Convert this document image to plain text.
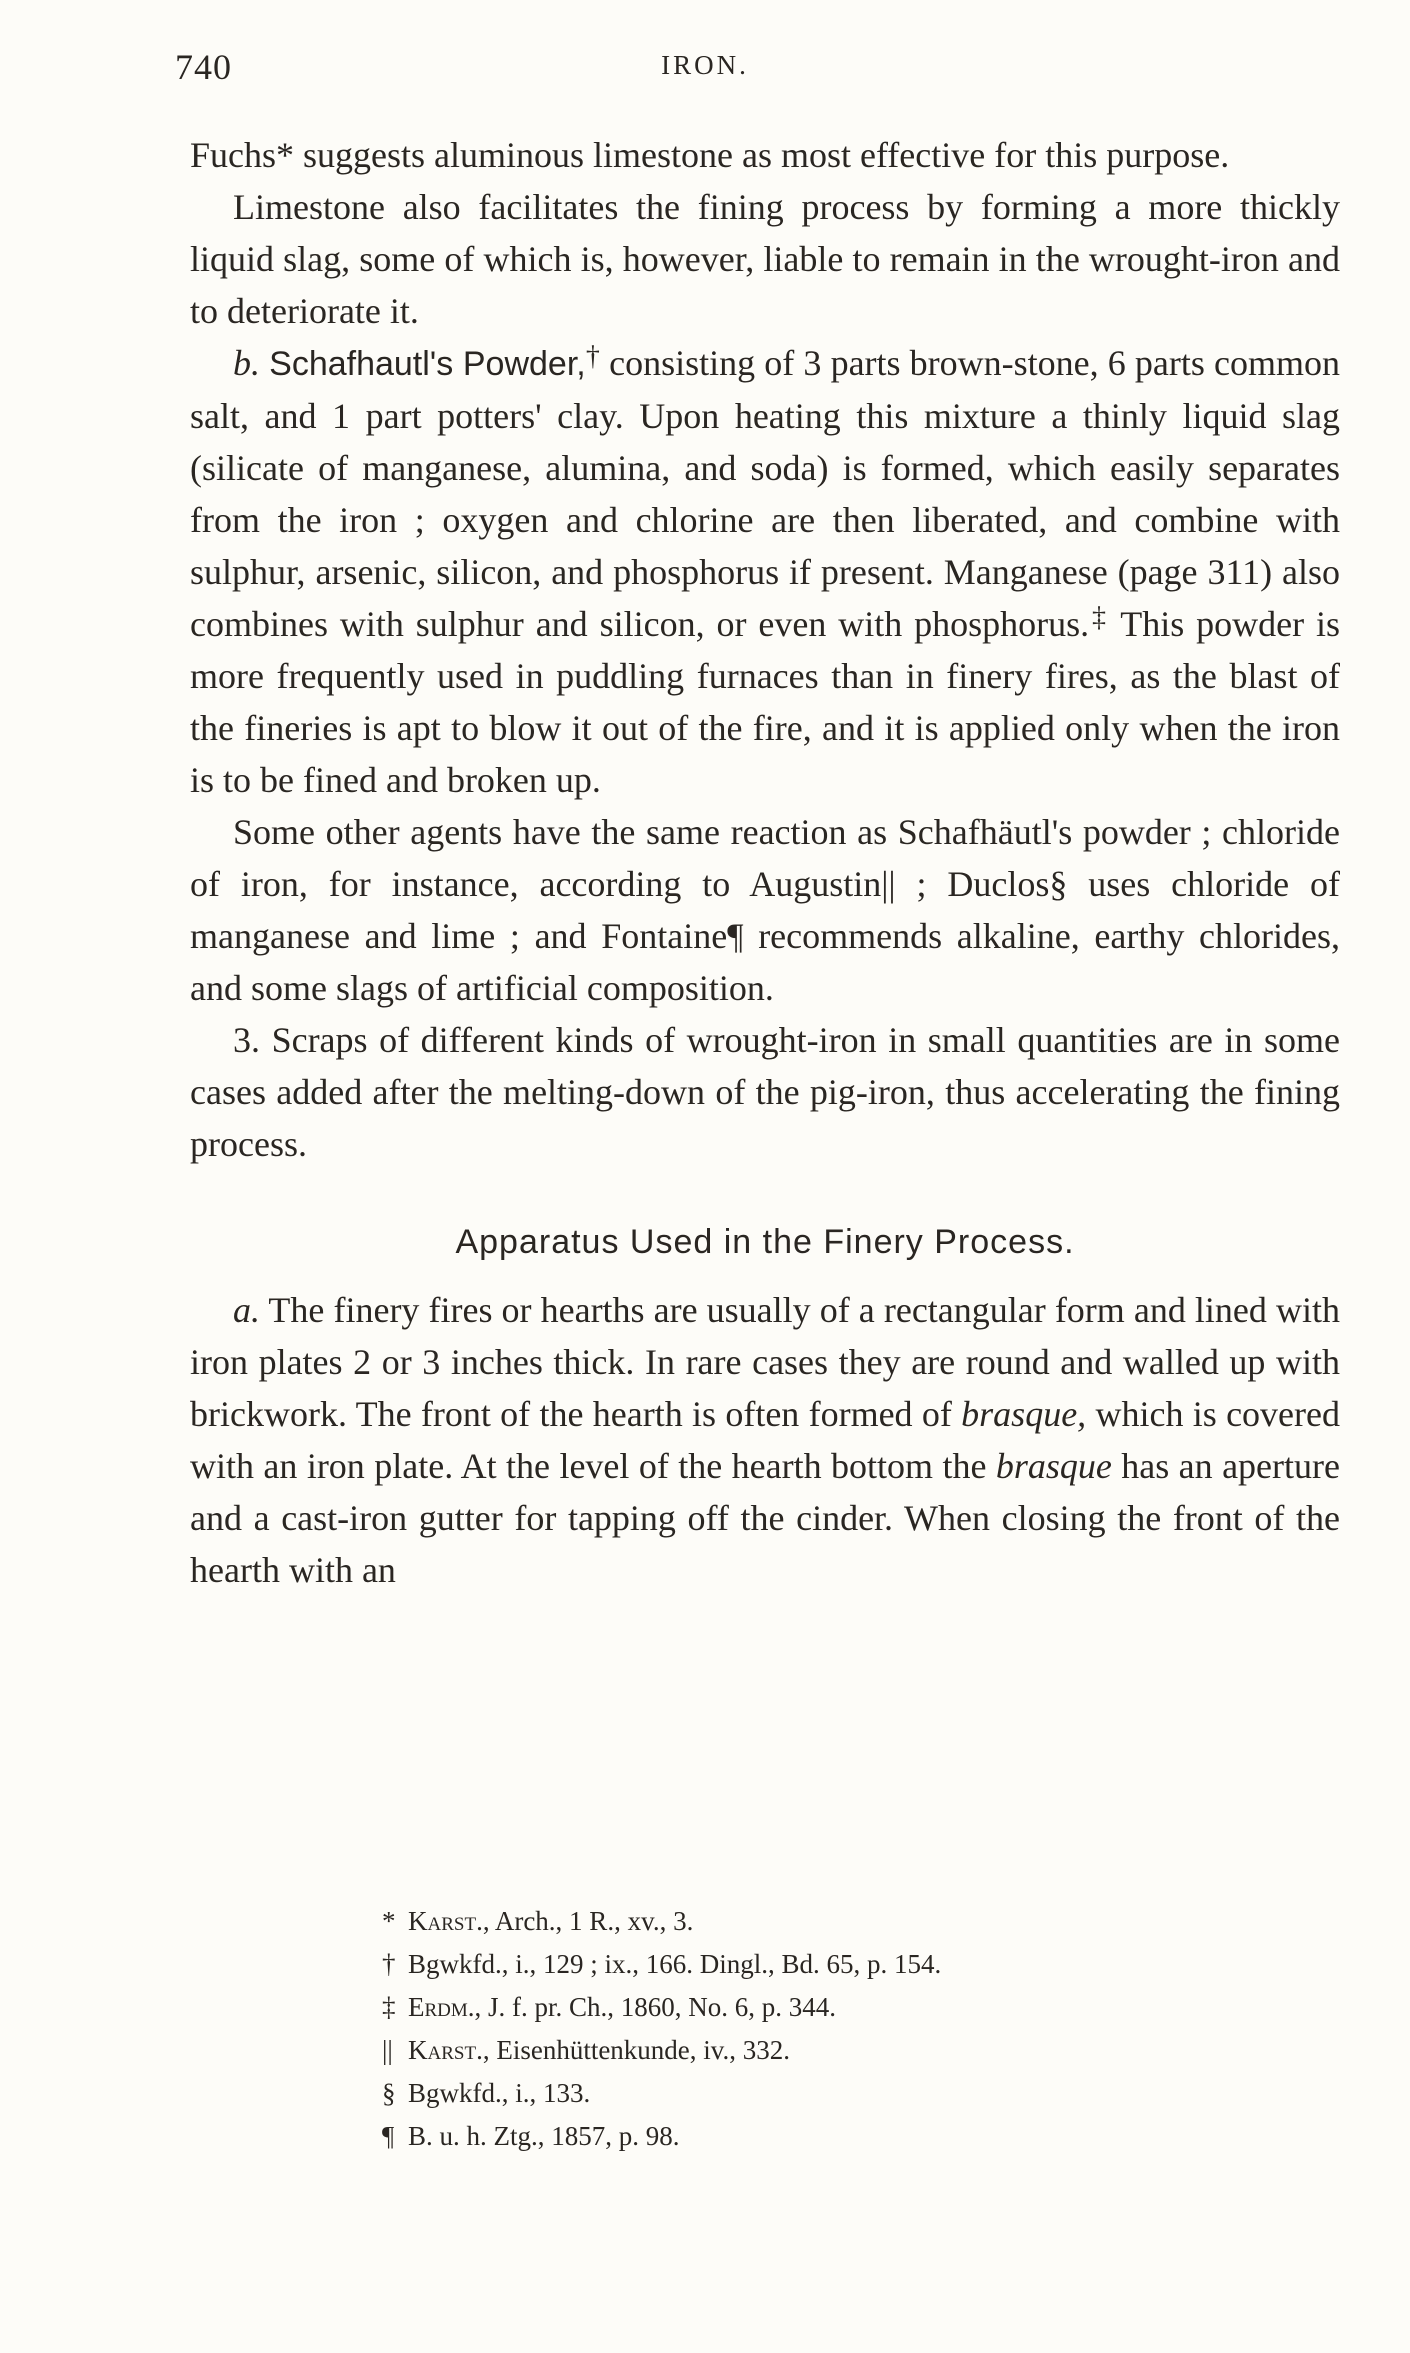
740	IRON.

Fuchs* suggests aluminous limestone as most effective for this purpose.

Limestone also facilitates the fining process by forming a more thickly liquid slag, some of which is, however, liable to remain in the wrought-iron and to deteriorate it.

b. Schafhautl's Powder,† consisting of 3 parts brown-stone, 6 parts common salt, and 1 part potters' clay. Upon heating this mixture a thinly liquid slag (silicate of manganese, alumina, and soda) is formed, which easily separates from the iron ; oxygen and chlorine are then liberated, and combine with sulphur, arsenic, silicon, and phosphorus if present. Manganese (page 311) also combines with sulphur and silicon, or even with phosphorus.‡ This powder is more frequently used in puddling furnaces than in finery fires, as the blast of the fineries is apt to blow it out of the fire, and it is applied only when the iron is to be fined and broken up.

Some other agents have the same reaction as Schafhäutl's powder ; chloride of iron, for instance, according to Augustin|| ; Duclos§ uses chloride of manganese and lime ; and Fontaine¶ recommends alkaline, earthy chlorides, and some slags of artificial composition.

3. Scraps of different kinds of wrought-iron in small quantities are in some cases added after the melting-down of the pig-iron, thus accelerating the fining process.

Apparatus Used in the Finery Process.

a. The finery fires or hearths are usually of a rectangular form and lined with iron plates 2 or 3 inches thick. In rare cases they are round and walled up with brickwork. The front of the hearth is often formed of brasque, which is covered with an iron plate. At the level of the hearth bottom the brasque has an aperture and a cast-iron gutter for tapping off the cinder. When closing the front of the hearth with an

* Karst., Arch., 1 R., xv., 3.
† Bgwkfd., i., 129 ; ix., 166. Dingl., Bd. 65, p. 154.
‡ Erdm., J. f. pr. Ch., 1860, No. 6, p. 344.
|| Karst., Eisenhüttenkunde, iv., 332.
§ Bgwkfd., i., 133.
¶ B. u. h. Ztg., 1857, p. 98.
